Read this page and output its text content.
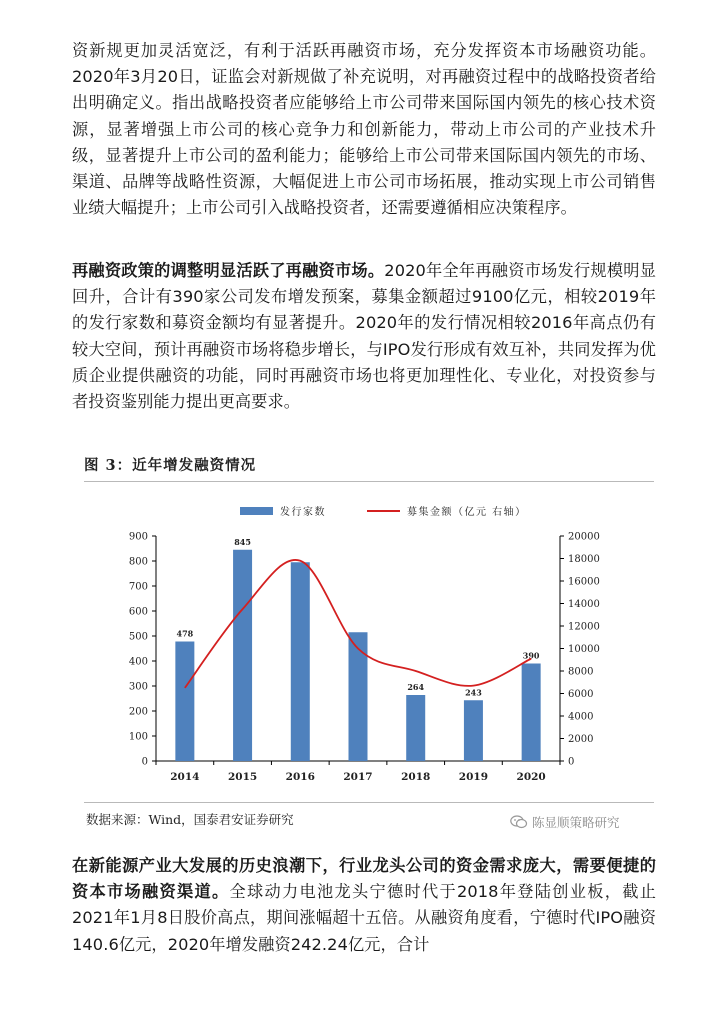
资新规更加灵活宽泛，有利于活跃再融资市场，充分发挥资本市场融资功能。2020年3月20日，证监会对新规做了补充说明，对再融资过程中的战略投资者给出明确定义。指出战略投资者应能够给上市公司带来国际国内领先的核心技术资源，显著增强上市公司的核心竞争力和创新能力，带动上市公司的产业技术升级，显著提升上市公司的盈利能力；能够给上市公司带来国际国内领先的市场、渠道、品牌等战略性资源，大幅促进上市公司市场拓展，推动实现上市公司销售业绩大幅提升；上市公司引入战略投资者，还需要遵循相应决策程序。

再融资政策的调整明显活跃了再融资市场。2020年全年再融资市场发行规模明显回升，合计有390家公司发布增发预案，募集金额超过9100亿元，相较2019年的发行家数和募资金额均有显著提升。2020年的发行情况相较2016年高点仍有较大空间，预计再融资市场将稳步增长，与IPO发行形成有效互补，共同发挥为优质企业提供融资的功能，同时再融资市场也将更加理性化、专业化，对投资参与者投资鉴别能力提出更高要求。

图 3：近年增发融资情况
0
100
200
300
400
500
600
700
800
900
0
2000
4000
6000
8000
10000
12000
14000
16000
18000
20000
2014	2015	2016	2017	2018	2019	2020
478
845
264
243
390
发行家数	募集金额（亿元 右轴）
数据来源：Wind，国泰君安证券研究	陈显顺策略研究

在新能源产业大发展的历史浪潮下，行业龙头公司的资金需求庞大，需要便捷的资本市场融资渠道。全球动力电池龙头宁德时代于2018年登陆创业板，截止2021年1月8日股价高点，期间涨幅超十五倍。从融资角度看，宁德时代IPO融资140.6亿元，2020年增发融资242.24亿元，合计
